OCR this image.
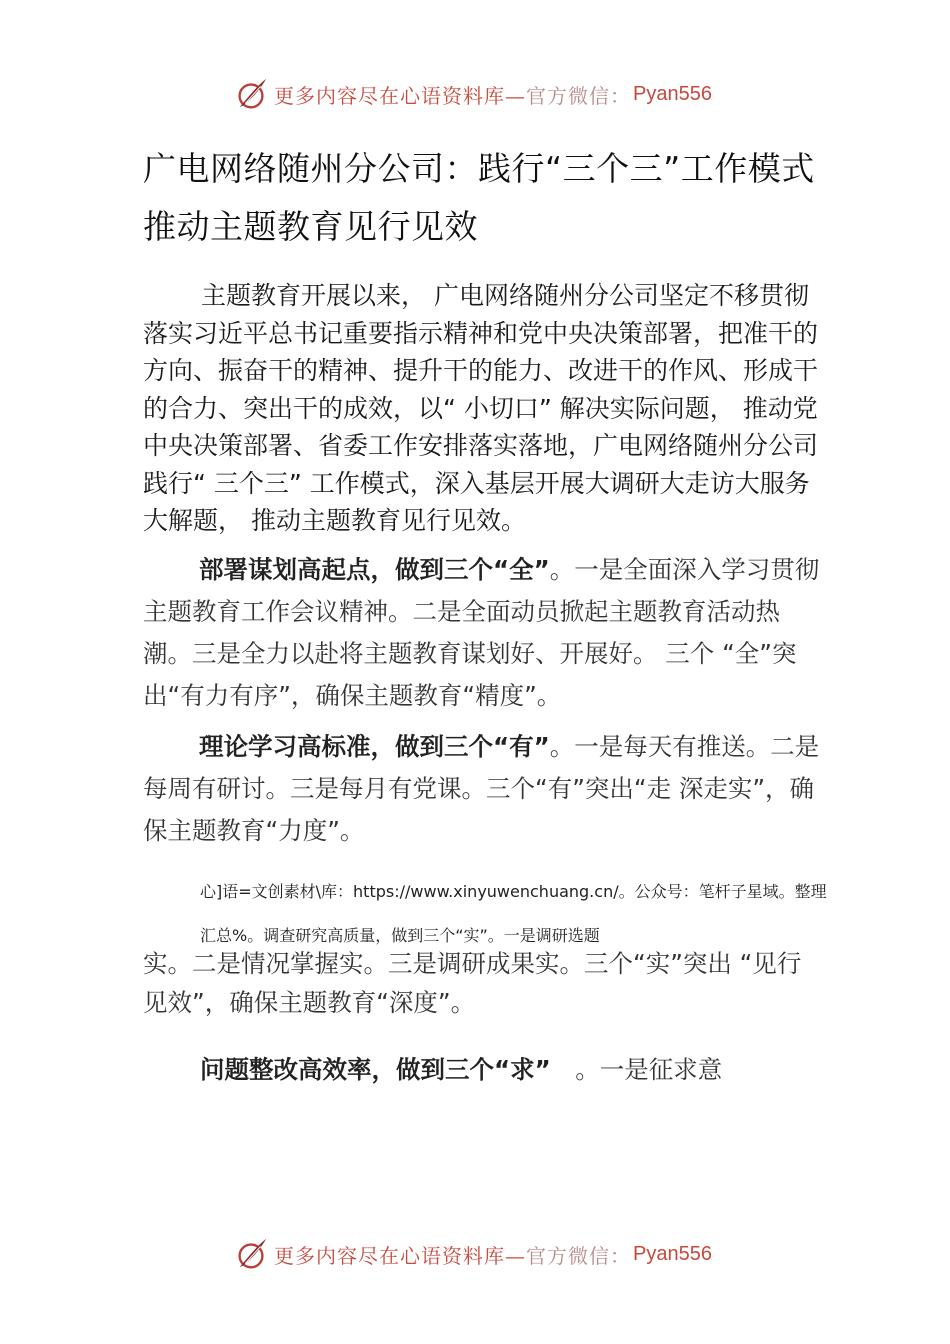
更多内容尽在心语资料库—官方微信： Pyan556
广电网络随州分公司：践行“三个三”工作模式 推动主题教育见行见效
主题教育开展以来， 广电网络随州分公司坚定不移贯彻落实习近平总书记重要指示精神和党中央决策部署，把准干的方向、振奋干的精神、提升干的能力、改进干的作风、形成干的合力、突出干的成效，以“ 小切口” 解决实际问题， 推动党中央决策部署、省委工作安排落实落地，广电网络随州分公司践行“ 三个三” 工作模式，深入基层开展大调研大走访大服务大解题， 推动主题教育见行见效。
部署谋划高起点，做到三个“全”。一是全面深入学习贯彻主题教育工作会议精神。二是全面动员掀起主题教育活动热潮。三是全力以赴将主题教育谋划好、开展好。 三个 “全”突出“有力有序”，确保主题教育“精度”。
理论学习高标准，做到三个“有”。一是每天有推送。二是每周有研讨。三是每月有党课。三个“有”突出“走 深走实”，确保主题教育“力度”。
心]语=文创素材\库：https://www.xinyuwenchuang.cn/。公众号：笔杆子星域。整理汇总%。调查研究高质量，做到三个“实”。一是调研选题
实。二是情况掌握实。三是调研成果实。三个“实”突出 “见行见效”，确保主题教育“深度”。
问题整改高效率，做到三个“求”　。一是征求意
更多内容尽在心语资料库—官方微信： Pyan556
